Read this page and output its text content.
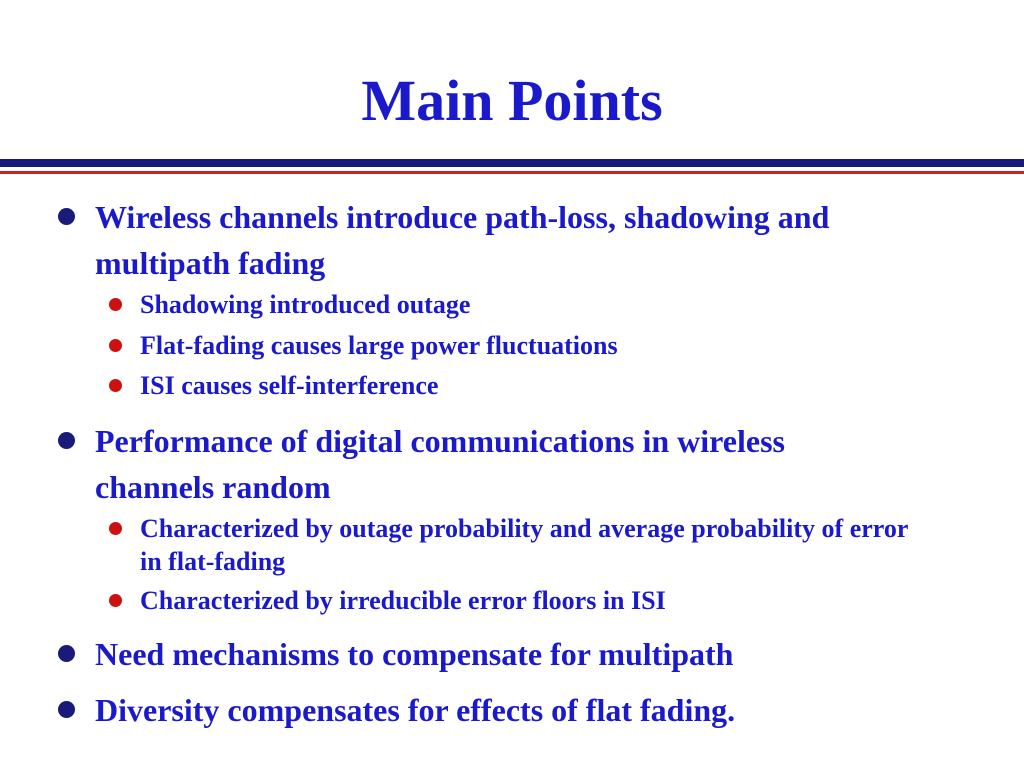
Main Points
Wireless channels introduce path-loss, shadowing and multipath fading
Shadowing introduced outage
Flat-fading causes large power fluctuations
ISI causes self-interference
Performance of digital communications in wireless channels random
Characterized by outage probability and average probability of error in flat-fading
Characterized by irreducible error floors in ISI
Need mechanisms to compensate for multipath
Diversity compensates for effects of flat fading.
